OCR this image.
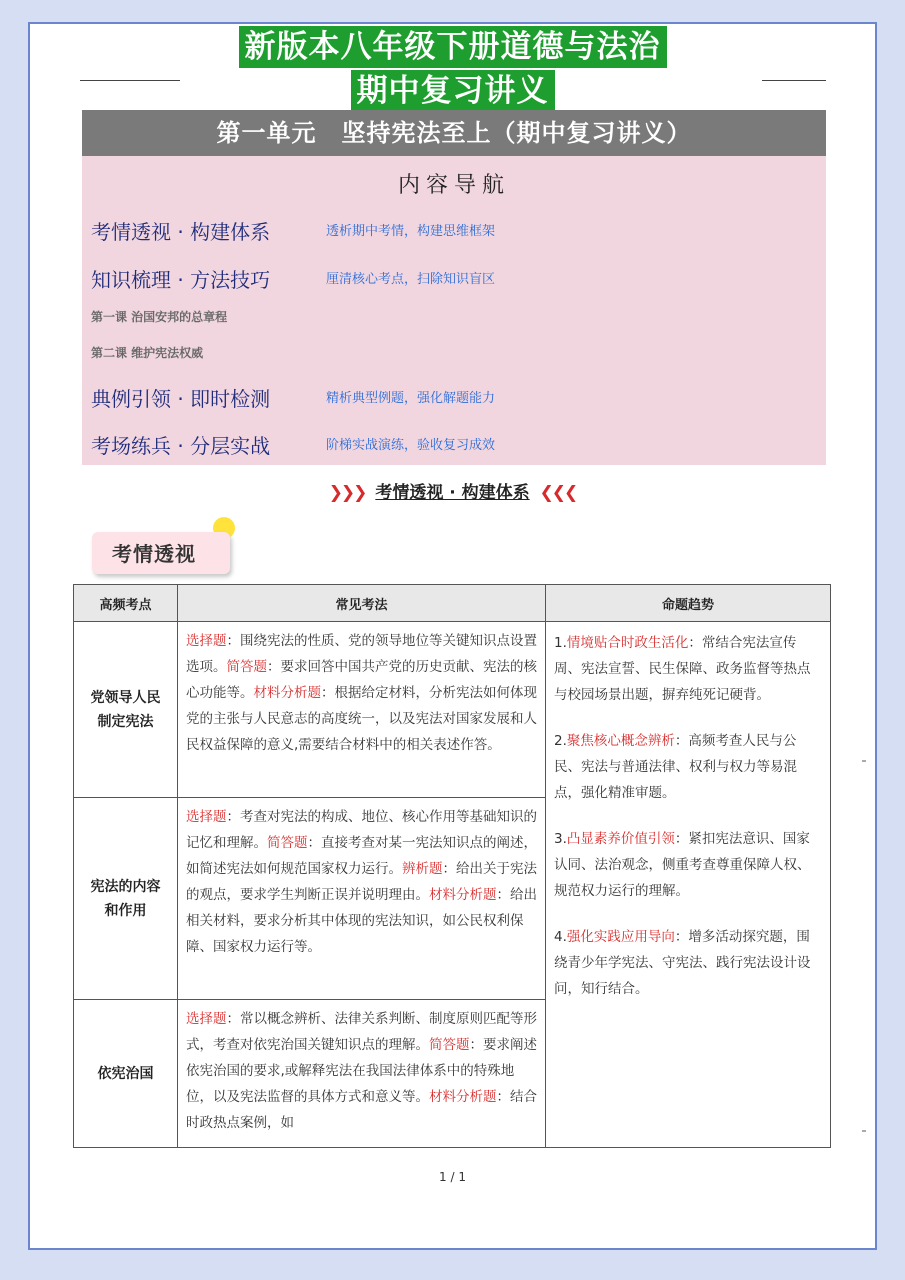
新版本八年级下册道德与法治
期中复习讲义
第一单元　坚持宪法至上（期中复习讲义）
内容导航
考情透视 · 构建体系	透析期中考情，构建思维框架
知识梳理 · 方法技巧	厘清核心考点，扫除知识盲区
第一课 治国安邦的总章程
第二课 维护宪法权威
典例引领 · 即时检测	精析典型例题，强化解题能力
考场练兵 · 分层实战	阶梯实战演练，验收复习成效
❯❯❯ 考情透视 · 构建体系 ❮❮❮
考情透视
高频考点	常见考法	命题趋势
党领导人民制定宪法	选择题：围绕宪法的性质、党的领导地位等关键知识点设置选项。简答题：要求回答中国共产党的历史贡献、宪法的核心功能等。材料分析题：根据给定材料，分析宪法如何体现党的主张与人民意志的高度统一，以及宪法对国家发展和人民权益保障的意义,需要结合材料中的相关表述作答。	1.情境贴合时政生活化：常结合宪法宣传周、宪法宣誓、民生保障、政务监督等热点与校园场景出题，摒弃纯死记硬背。
2.聚焦核心概念辨析：高频考查人民与公民、宪法与普通法律、权利与权力等易混点，强化精准审题。
3.凸显素养价值引领：紧扣宪法意识、国家认同、法治观念，侧重考查尊重保障人权、规范权力运行的理解。
4.强化实践应用导向：增多活动探究题，围绕青少年学宪法、守宪法、践行宪法设计设问，知行结合。

宪法的内容和作用	选择题：考查对宪法的构成、地位、核心作用等基础知识的记忆和理解。简答题：直接考查对某一宪法知识点的阐述，如简述宪法如何规范国家权力运行。辨析题：给出关于宪法的观点，要求学生判断正误并说明理由。材料分析题：给出相关材料，要求分析其中体现的宪法知识，如公民权利保障、国家权力运行等。	
依宪治国	选择题：常以概念辨析、法律关系判断、制度原则匹配等形式，考查对依宪治国关键知识点的理解。简答题：要求阐述依宪治国的要求,或解释宪法在我国法律体系中的特殊地位，以及宪法监督的具体方式和意义等。材料分析题：结合时政热点案例，如	
1 / 1
